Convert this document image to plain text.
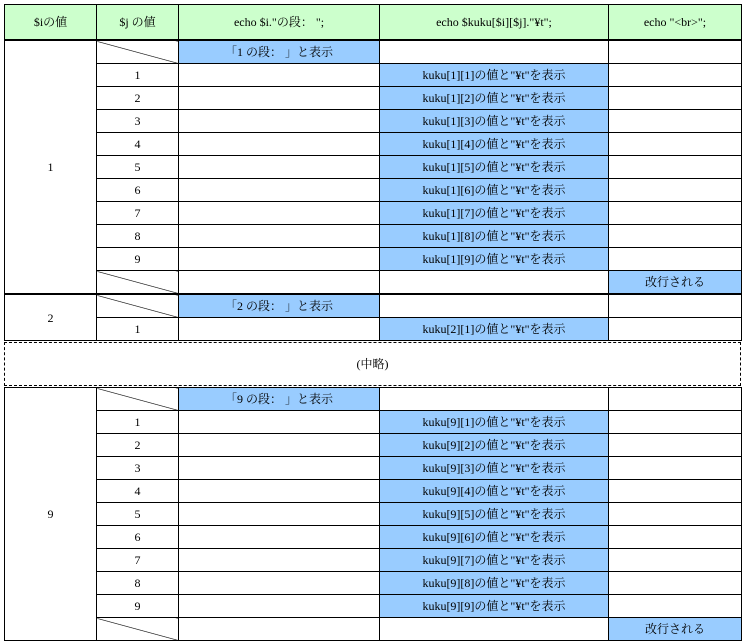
$iの値	$j の値	echo $i."の段： ";	echo $kuku[$i][$j]."¥t";	echo "<br>";
1		「1 の段： 」と表示		
	1		kuku[1][1]の値と"¥t"を表示	
	2		kuku[1][2]の値と"¥t"を表示	
	3		kuku[1][3]の値と"¥t"を表示	
	4		kuku[1][4]の値と"¥t"を表示	
	5		kuku[1][5]の値と"¥t"を表示	
	6		kuku[1][6]の値と"¥t"を表示	
	7		kuku[1][7]の値と"¥t"を表示	
	8		kuku[1][8]の値と"¥t"を表示	
	9		kuku[1][9]の値と"¥t"を表示	
				改行される
2		「2 の段： 」と表示		
	1		kuku[2][1]の値と"¥t"を表示	
(中略)
9		「9 の段： 」と表示		
	1		kuku[9][1]の値と"¥t"を表示	
	2		kuku[9][2]の値と"¥t"を表示	
	3		kuku[9][3]の値と"¥t"を表示	
	4		kuku[9][4]の値と"¥t"を表示	
	5		kuku[9][5]の値と"¥t"を表示	
	6		kuku[9][6]の値と"¥t"を表示	
	7		kuku[9][7]の値と"¥t"を表示	
	8		kuku[9][8]の値と"¥t"を表示	
	9		kuku[9][9]の値と"¥t"を表示	
				改行される
